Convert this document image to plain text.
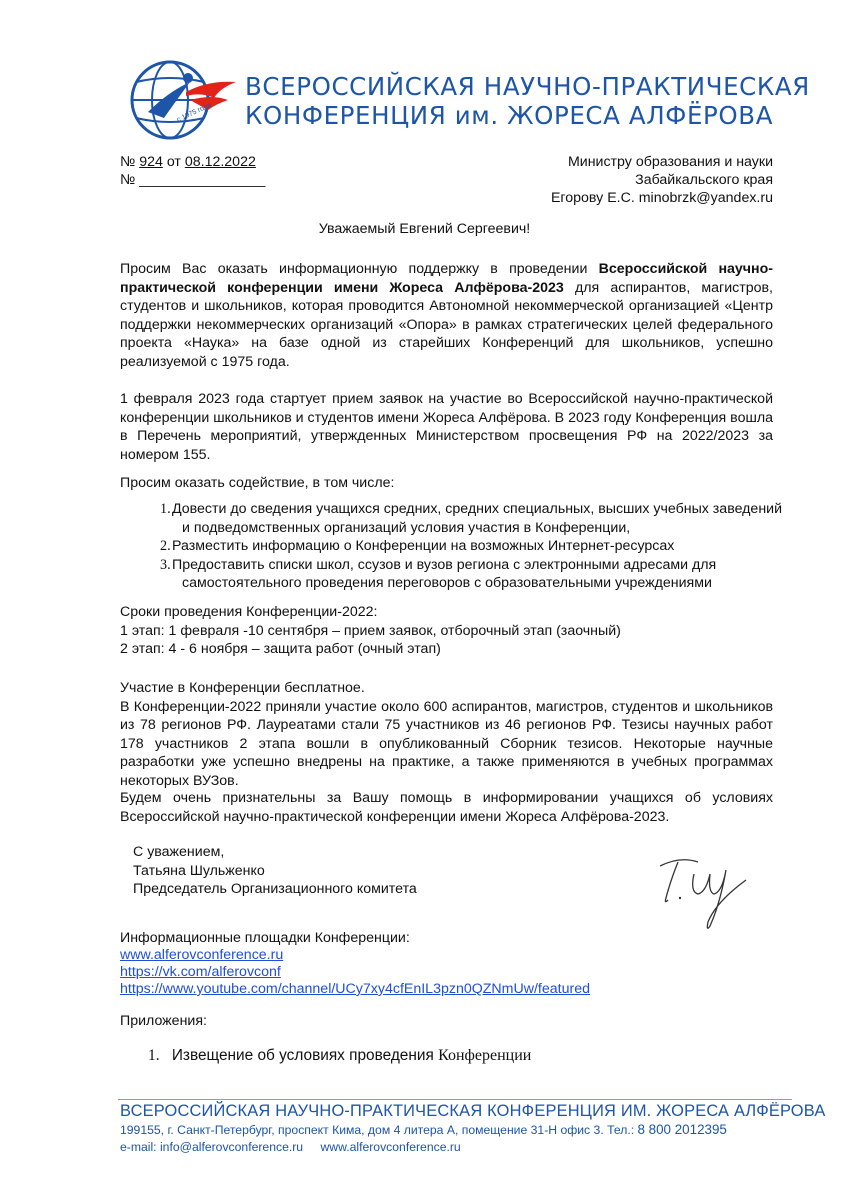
с 1975 года
ВСЕРОССИЙСКАЯ НАУЧНО-ПРАКТИЧЕСКАЯ
КОНФЕРЕНЦИЯ им. ЖОРЕСА АЛФЁРОВА
№ 924 от 08.12.2022
№ ________________
Министру образования и науки
Забайкальского края
Егорову Е.С. minobrzk@yandex.ru
Уважаемый Евгений Сергеевич!
Просим Вас оказать информационную поддержку в проведении Всероссийской научно-практической конференции имени Жореса Алфёрова-2023 для аспирантов, магистров, студентов и школьников, которая проводится Автономной некоммерческой организацией «Центр поддержки некоммерческих организаций «Опора» в рамках стратегических целей федерального проекта «Наука» на базе одной из старейших Конференций для школьников, успешно реализуемой с 1975 года.
1 февраля 2023 года стартует прием заявок на участие во Всероссийской научно-практической конференции школьников и студентов имени Жореса Алфёрова. В 2023 году Конференция вошла в Перечень мероприятий, утвержденных Министерством просвещения РФ на 2022/2023 за номером 155.
Просим оказать содействие, в том числе:
1. Довести до сведения учащихся средних, средних специальных, высших учебных заведений
и подведомственных организаций условия участия в Конференции,
2. Разместить информацию о Конференции на возможных Интернет-ресурсах
3. Предоставить списки школ, ссузов и вузов региона с электронными адресами для
самостоятельного проведения переговоров с образовательными учреждениями
Сроки проведения Конференции-2022:
1 этап: 1 февраля -10 сентября – прием заявок, отборочный этап (заочный)
2 этап: 4 - 6 ноября – защита работ (очный этап)
Участие в Конференции бесплатное.
В Конференции-2022 приняли участие около 600 аспирантов, магистров, студентов и школьников из 78 регионов РФ. Лауреатами стали 75 участников из 46 регионов РФ. Тезисы научных работ 178 участников 2 этапа вошли в опубликованный Сборник тезисов. Некоторые научные разработки уже успешно внедрены на практике, а также применяются в учебных программах некоторых ВУЗов.
Будем очень признательны за Вашу помощь в информировании учащихся об условиях Всероссийской научно-практической конференции имени Жореса Алфёрова-2023.
С уважением,
Татьяна Шульженко
Председатель Организационного комитета
Информационные площадки Конференции:
www.alferovconference.ru
https://vk.com/alferovconf
https://www.youtube.com/channel/UCy7xy4cfEnIL3pzn0QZNmUw/featured
Приложения:
1. Извещение об условиях проведения Конференции
ВСЕРОССИЙСКАЯ НАУЧНО-ПРАКТИЧЕСКАЯ КОНФЕРЕНЦИЯ ИМ. ЖОРЕСА АЛФЁРОВА
199155, г. Санкт-Петербург, проспект Кима, дом 4 литера А, помещение 31-Н офис 3. Тел.: 8 800 2012395
e-mail: info@alferovconference.ru www.alferovconference.ru
